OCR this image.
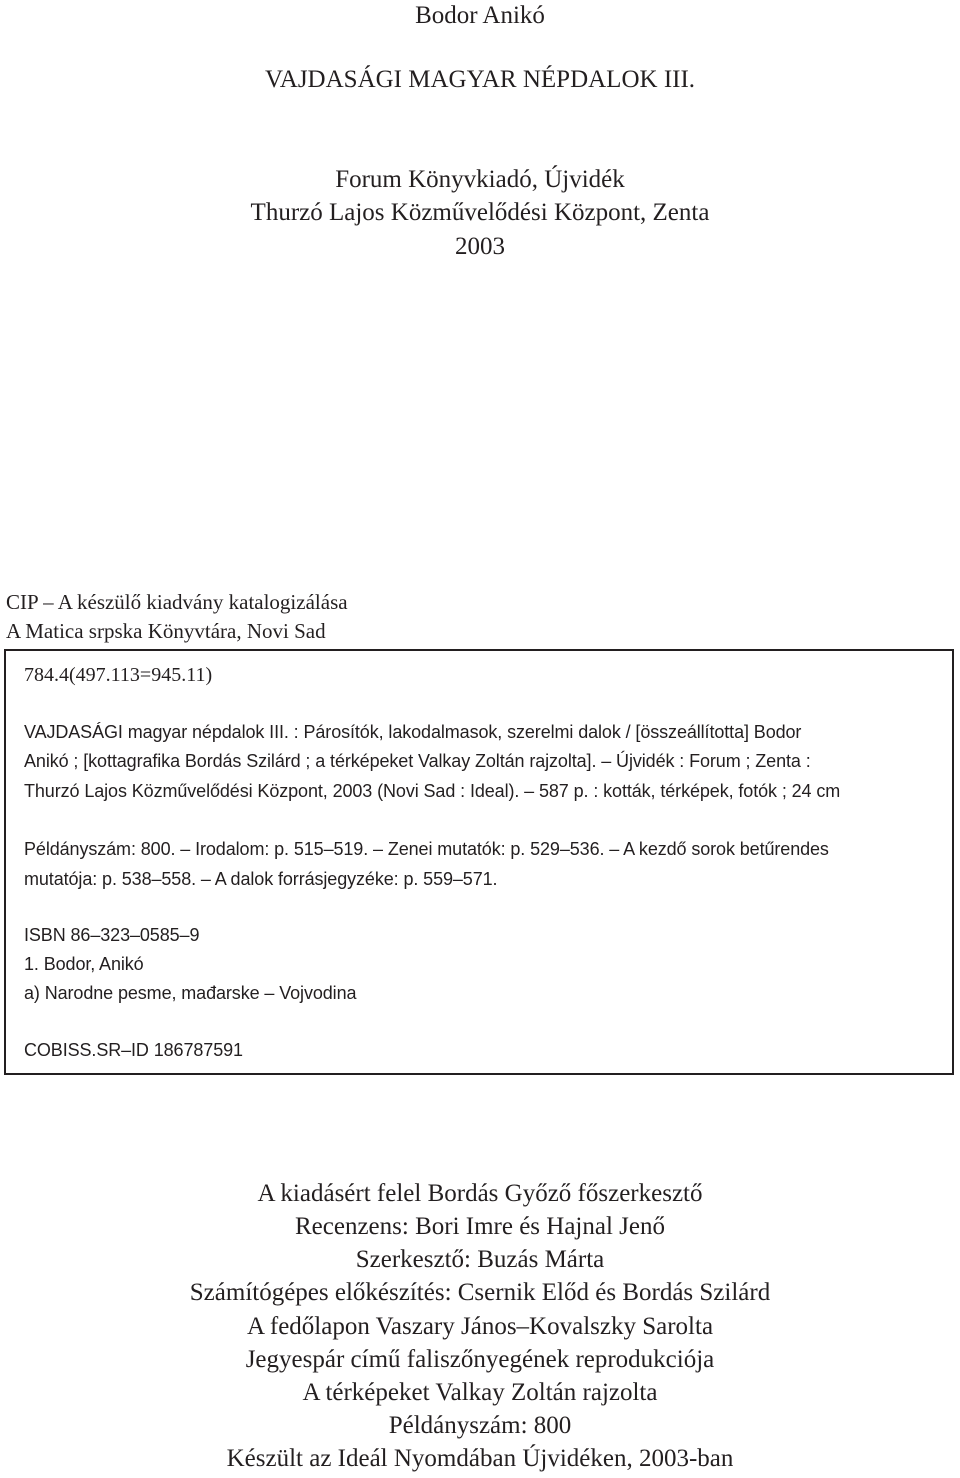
Bodor Anikó
VAJDASÁGI MAGYAR NÉPDALOK III.
Forum Könyvkiadó, Újvidék
Thurzó Lajos Közművelődési Központ, Zenta
2003
CIP – A készülő kiadvány katalogizálása
A Matica srpska Könyvtára, Novi Sad
784.4(497.113=945.11)
VAJDASÁGI magyar népdalok III. : Párosítók, lakodalmasok, szerelmi dalok / [összeállította] Bodor
Anikó ; [kottagrafika Bordás Szilárd ; a térképeket Valkay Zoltán rajzolta]. – Újvidék : Forum ; Zenta :
Thurzó Lajos Közművelődési Központ, 2003 (Novi Sad : Ideal). – 587 p. : kották, térképek, fotók ; 24 cm
Példányszám: 800. – Irodalom: p. 515–519. – Zenei mutatók: p. 529–536. – A kezdő sorok betűrendes
mutatója: p. 538–558. – A dalok forrásjegyzéke: p. 559–571.
ISBN 86–323–0585–9
1. Bodor, Anikó
a) Narodne pesme, mađarske – Vojvodina
COBISS.SR–ID 186787591
A kiadásért felel Bordás Győző főszerkesztő
Recenzens: Bori Imre és Hajnal Jenő
Szerkesztő: Buzás Márta
Számítógépes előkészítés: Csernik Előd és Bordás Szilárd
A fedőlapon Vaszary János–Kovalszky Sarolta
Jegyespár című faliszőnyegének reprodukciója
A térképeket Valkay Zoltán rajzolta
Példányszám: 800
Készült az Ideál Nyomdában Újvidéken, 2003-ban
